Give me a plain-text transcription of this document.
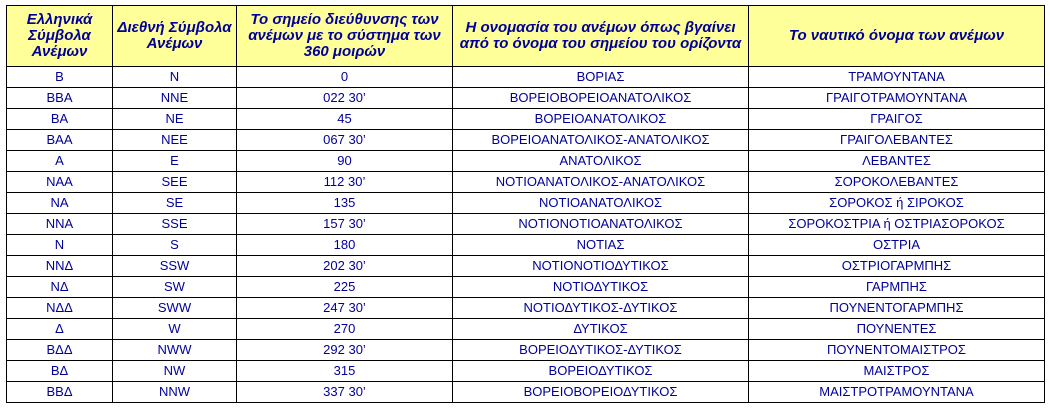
Ελληνικά Σύμβολα Ανέμων	Διεθνή Σύμβολα Ανέμων	Το σημείο διεύθυνσης των ανέμων με το σύστημα των 360 μοιρών	Η ονομασία του ανέμων όπως βγαίνει από το όνομα του σημείου του ορίζοντα	Το ναυτικό όνομα των ανέμων
Β	N	0	ΒΟΡΙΑΣ	ΤΡΑΜΟΥΝΤΑΝΑ
ΒΒΑ	NNE	022 30’	ΒΟΡΕΙΟΒΟΡΕΙΟΑΝΑΤΟΛΙΚΟΣ	ΓΡΑΙΓΟΤΡΑΜΟΥΝΤΑΝΑ
ΒΑ	NE	45	ΒΟΡΕΙΟΑΝΑΤΟΛΙΚΟΣ	ΓΡΑΙΓΟΣ
ΒΑΑ	NEE	067 30’	ΒΟΡΕΙΟΑΝΑΤΟΛΙΚΟΣ-ΑΝΑΤΟΛΙΚΟΣ	ΓΡΑΙΓΟΛΕΒΑΝΤΕΣ
Α	E	90	ΑΝΑΤΟΛΙΚΟΣ	ΛΕΒΑΝΤΕΣ
ΝΑΑ	SEE	112 30’	ΝΟΤΙΟΑΝΑΤΟΛΙΚΟΣ-ΑΝΑΤΟΛΙΚΟΣ	ΣΟΡΟΚΟΛΕΒΑΝΤΕΣ
ΝΑ	SE	135	ΝΟΤΙΟΑΝΑΤΟΛΙΚΟΣ	ΣΟΡΟΚΟΣ ή ΣΙΡΟΚΟΣ
ΝΝΑ	SSE	157 30’	ΝΟΤΙΟΝΟΤΙΟΑΝΑΤΟΛΙΚΟΣ	ΣΟΡΟΚΟΣΤΡΙΑ ή ΟΣΤΡΙΑΣΟΡΟΚΟΣ
Ν	S	180	ΝΟΤΙΑΣ	ΟΣΤΡΙΑ
ΝΝΔ	SSW	202 30’	ΝΟΤΙΟΝΟΤΙΟΔΥΤΙΚΟΣ	ΟΣΤΡΙΟΓΑΡΜΠΗΣ
ΝΔ	SW	225	ΝΟΤΙΟΔΥΤΙΚΟΣ	ΓΑΡΜΠΗΣ
ΝΔΔ	SWW	247 30’	ΝΟΤΙΟΔΥΤΙΚΟΣ-ΔΥΤΙΚΟΣ	ΠΟΥΝΕΝΤΟΓΑΡΜΠΗΣ
Δ	W	270	ΔΥΤΙΚΟΣ	ΠΟΥΝΕΝΤΕΣ
ΒΔΔ	NWW	292 30’	ΒΟΡΕΙΟΔΥΤΙΚΟΣ-ΔΥΤΙΚΟΣ	ΠΟΥΝΕΝΤΟΜΑΙΣΤΡΟΣ
ΒΔ	NW	315	ΒΟΡΕΙΟΔΥΤΙΚΟΣ	ΜΑΙΣΤΡΟΣ
ΒΒΔ	NNW	337 30’	ΒΟΡΕΙΟΒΟΡΕΙΟΔΥΤΙΚΟΣ	ΜΑΙΣΤΡΟΤΡΑΜΟΥΝΤΑΝΑ
